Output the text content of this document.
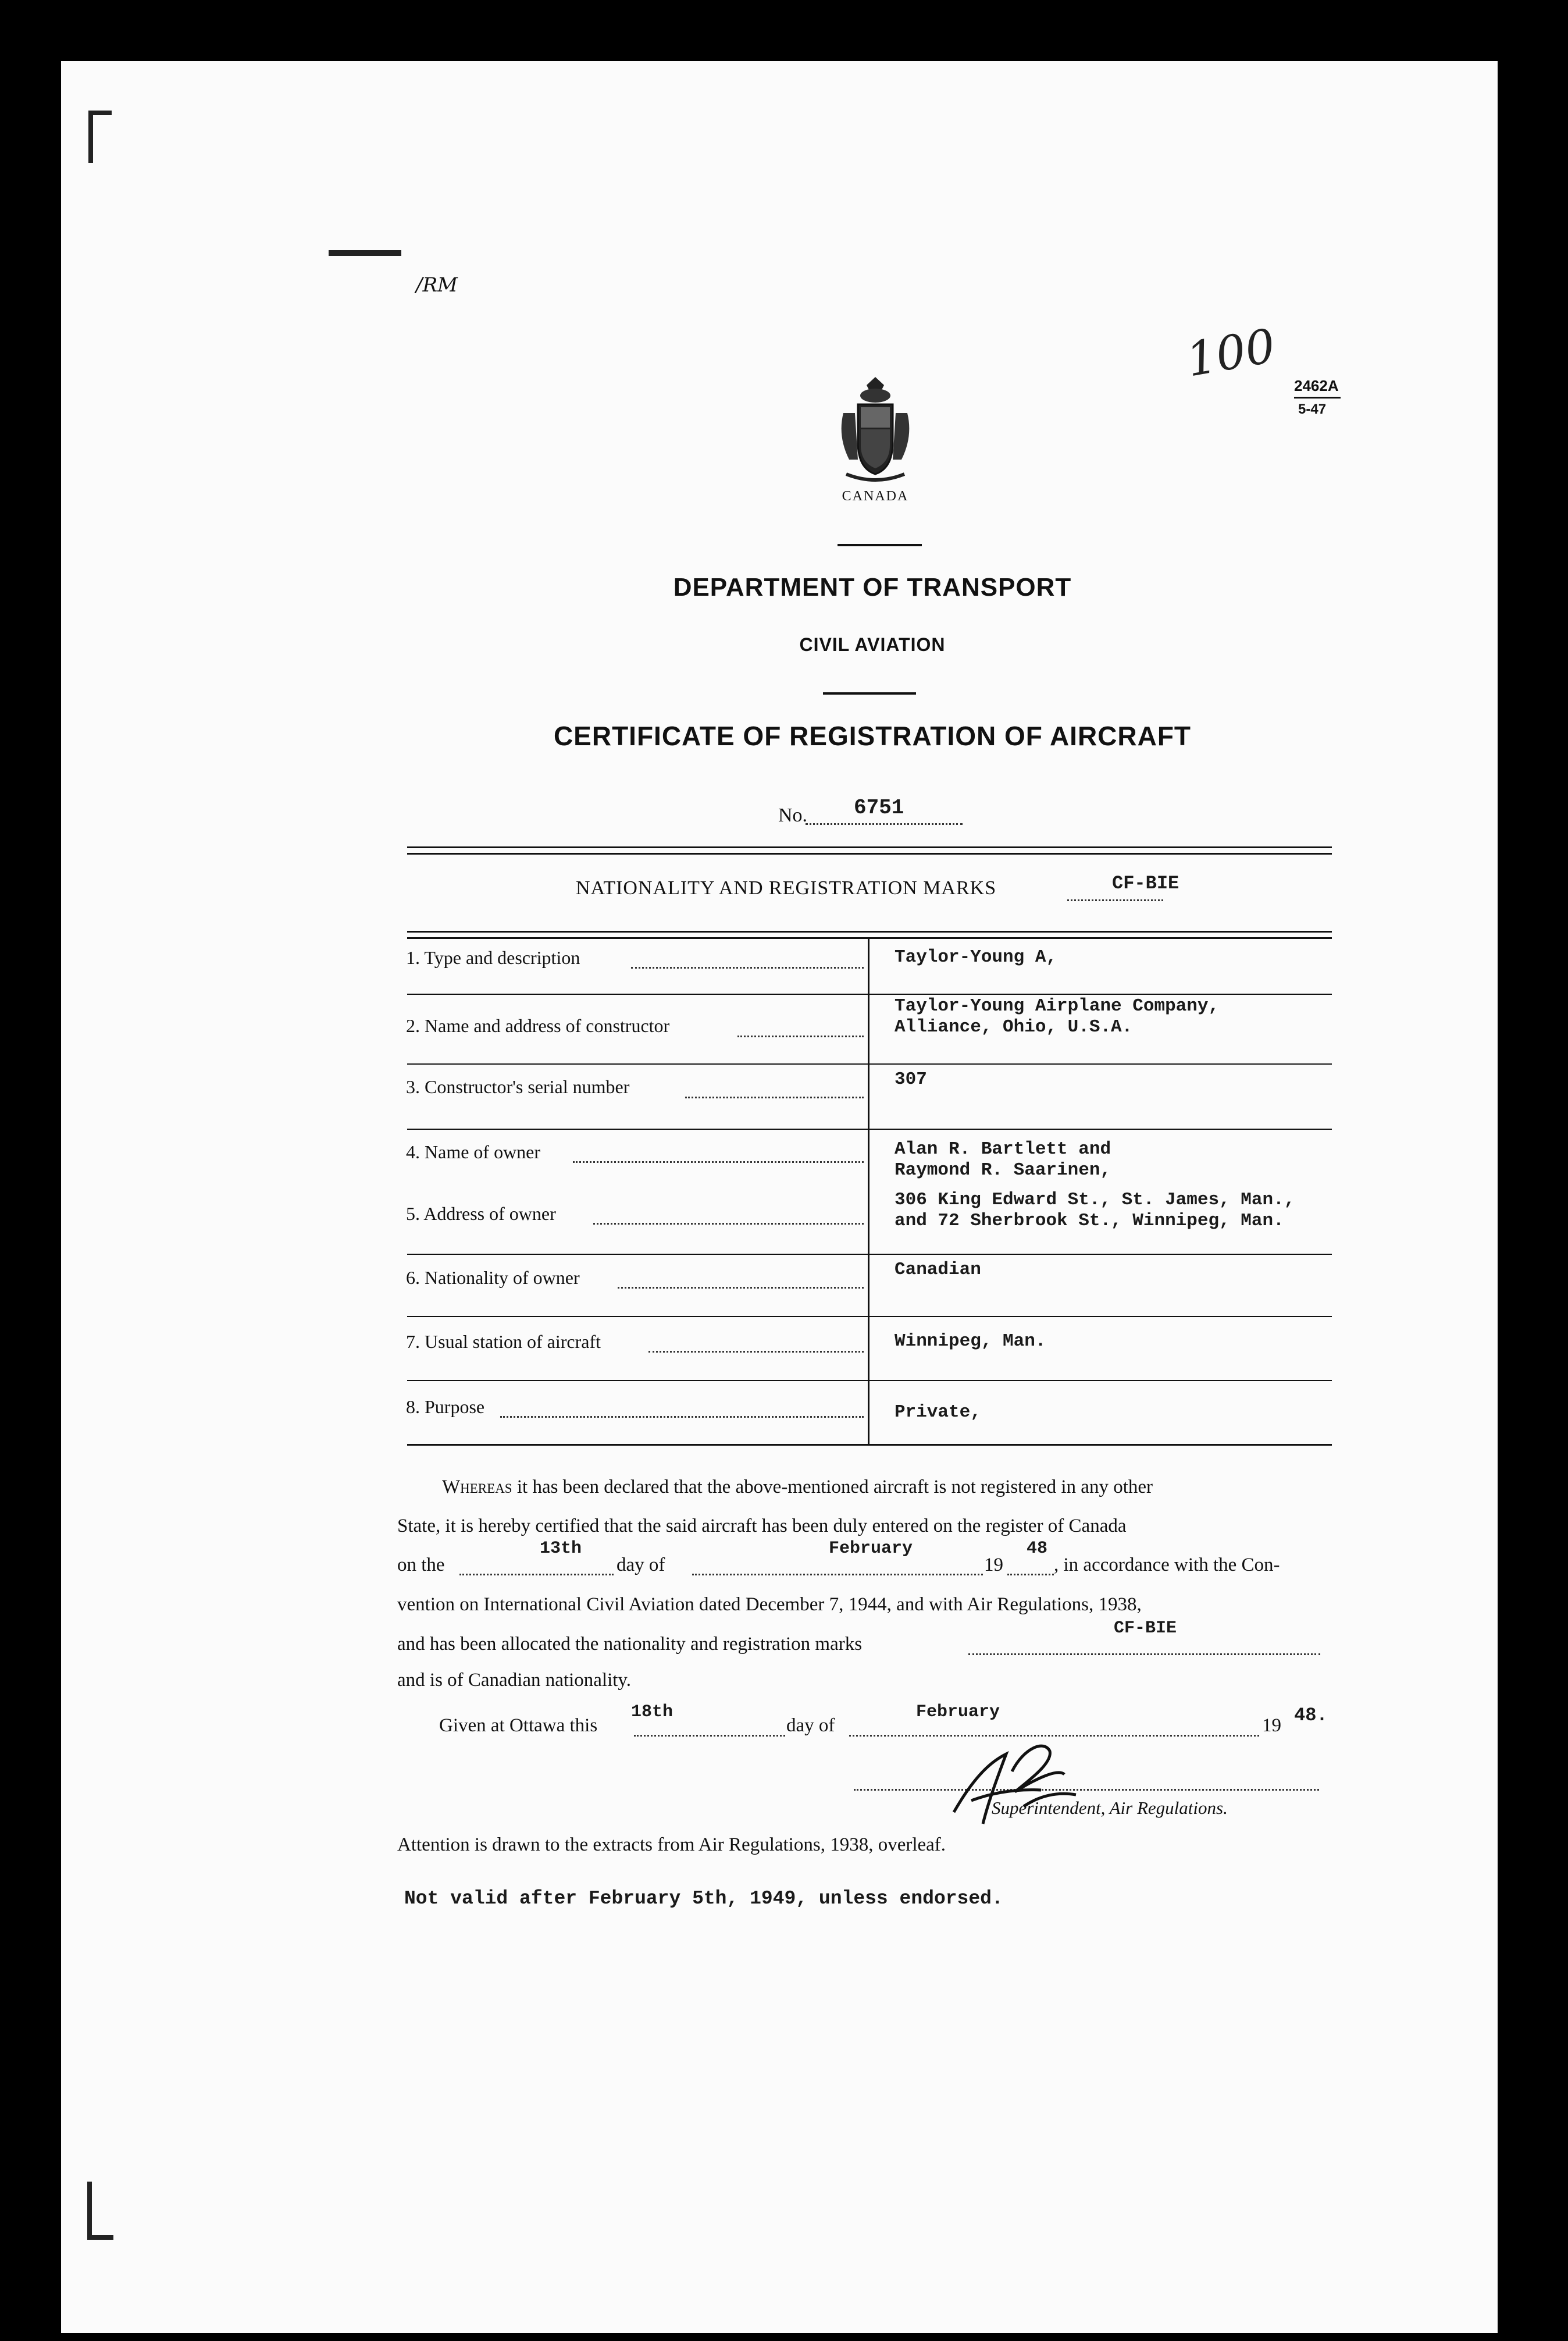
/RM
100 2462A
5-47
CANADA
DEPARTMENT OF TRANSPORT
CIVIL AVIATION
CERTIFICATE OF REGISTRATION OF AIRCRAFT
No. 6751
NATIONALITY AND REGISTRATION MARKS	CF-BIE
1. Type and description	Taylor-Young A,
2. Name and address of constructor
Taylor-Young Airplane Company,
Alliance, Ohio, U.S.A.
3. Constructor's serial number	307
4. Name of owner	Alan R. Bartlett and
Raymond R. Saarinen,
5. Address of owner
306 King Edward St., St. James, Man.,
and 72 Sherbrook St., Winnipeg, Man.
6. Nationality of owner	Canadian
7. Usual station of aircraft	Winnipeg, Man.
8. Purpose	Private,
Whereas it has been declared that the above-mentioned aircraft is not registered in any other
State, it is hereby certified that the said aircraft has been duly entered on the register of Canada
on the
13th
day of
February
19
48
, in accordance with the Con-
vention on International Civil Aviation dated December 7, 1944, and with Air Regulations, 1938,
and has been allocated the nationality and registration marks
CF-BIE
and is of Canadian nationality.
Given at Ottawa this
18th
day of
February
19 48.
Superintendent, Air Regulations.
Attention is drawn to the extracts from Air Regulations, 1938, overleaf.
Not valid after February 5th, 1949, unless endorsed.
